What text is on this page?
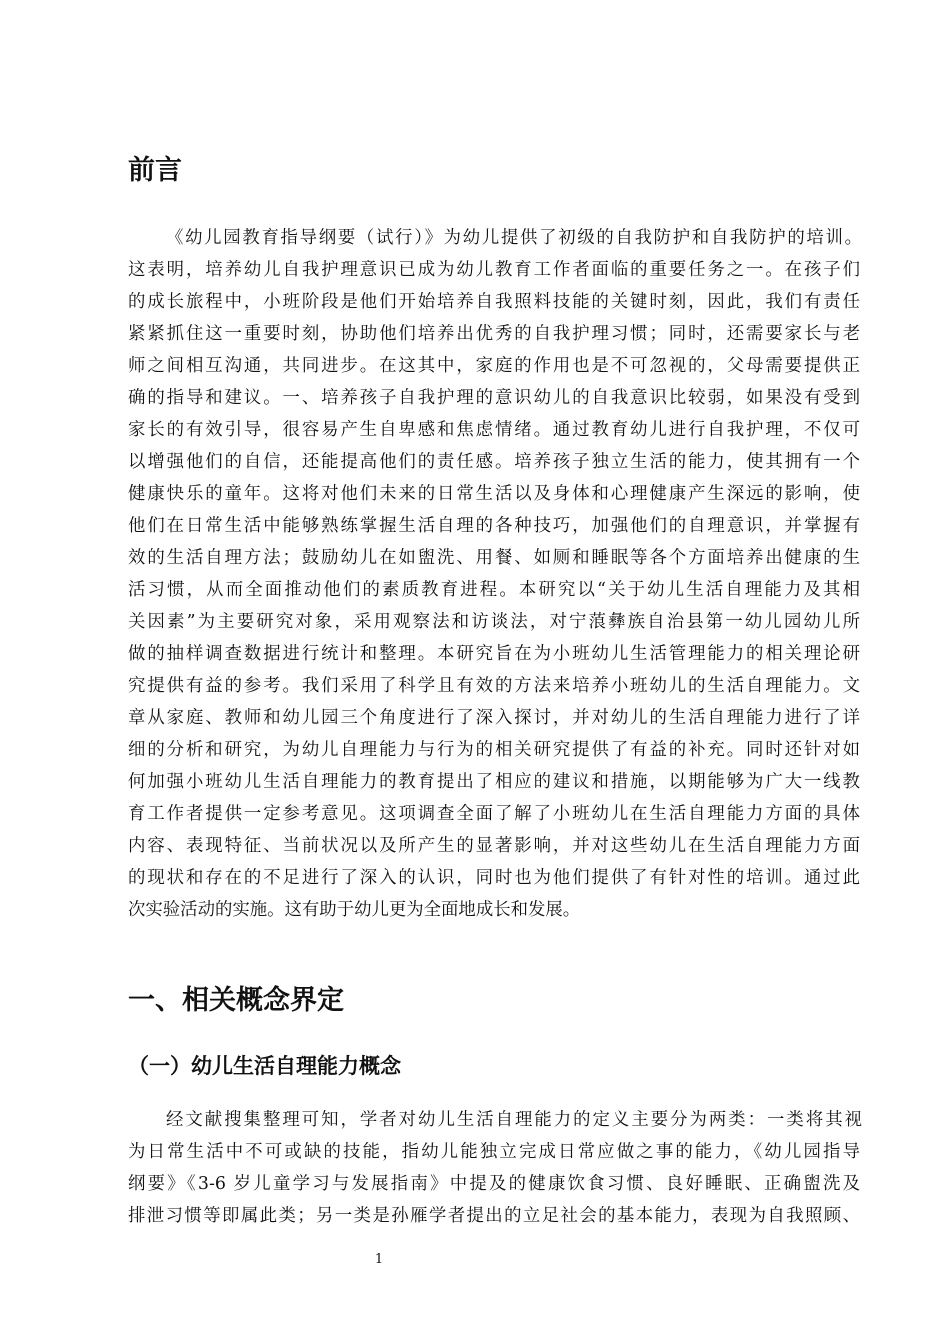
前言

《幼儿园教育指导纲要（试行）》为幼儿提供了初级的自我防护和自我防护的培训。

这表明，培养幼儿自我护理意识已成为幼儿教育工作者面临的重要任务之一。在孩子们

的成长旅程中，小班阶段是他们开始培养自我照料技能的关键时刻，因此，我们有责任

紧紧抓住这一重要时刻，协助他们培养出优秀的自我护理习惯；同时，还需要家长与老

师之间相互沟通，共同进步。在这其中，家庭的作用也是不可忽视的，父母需要提供正

确的指导和建议。一、培养孩子自我护理的意识幼儿的自我意识比较弱，如果没有受到

家长的有效引导，很容易产生自卑感和焦虑情绪。通过教育幼儿进行自我护理，不仅可

以增强他们的自信，还能提高他们的责任感。培养孩子独立生活的能力，使其拥有一个

健康快乐的童年。这将对他们未来的日常生活以及身体和心理健康产生深远的影响，使

他们在日常生活中能够熟练掌握生活自理的各种技巧，加强他们的自理意识，并掌握有

效的生活自理方法；鼓励幼儿在如盥洗、用餐、如厕和睡眠等各个方面培养出健康的生

活习惯，从而全面推动他们的素质教育进程。本研究以“关于幼儿生活自理能力及其相

关因素”为主要研究对象，采用观察法和访谈法，对宁蒗彝族自治县第一幼儿园幼儿所

做的抽样调查数据进行统计和整理。本研究旨在为小班幼儿生活管理能力的相关理论研

究提供有益的参考。我们采用了科学且有效的方法来培养小班幼儿的生活自理能力。文

章从家庭、教师和幼儿园三个角度进行了深入探讨，并对幼儿的生活自理能力进行了详

细的分析和研究，为幼儿自理能力与行为的相关研究提供了有益的补充。同时还针对如

何加强小班幼儿生活自理能力的教育提出了相应的建议和措施，以期能够为广大一线教

育工作者提供一定参考意见。这项调查全面了解了小班幼儿在生活自理能力方面的具体

内容、表现特征、当前状况以及所产生的显著影响，并对这些幼儿在生活自理能力方面

的现状和存在的不足进行了深入的认识，同时也为他们提供了有针对性的培训。通过此

次实验活动的实施。这有助于幼儿更为全面地成长和发展。

一、相关概念界定
（一）幼儿生活自理能力概念

经文献搜集整理可知，学者对幼儿生活自理能力的定义主要分为两类：一类将其视

为日常生活中不可或缺的技能，指幼儿能独立完成日常应做之事的能力，《幼儿园指导

纲要》《3-6 岁儿童学习与发展指南》中提及的健康饮食习惯、良好睡眠、正确盥洗及

排泄习惯等即属此类；另一类是孙雁学者提出的立足社会的基本能力，表现为自我照顾、

1
